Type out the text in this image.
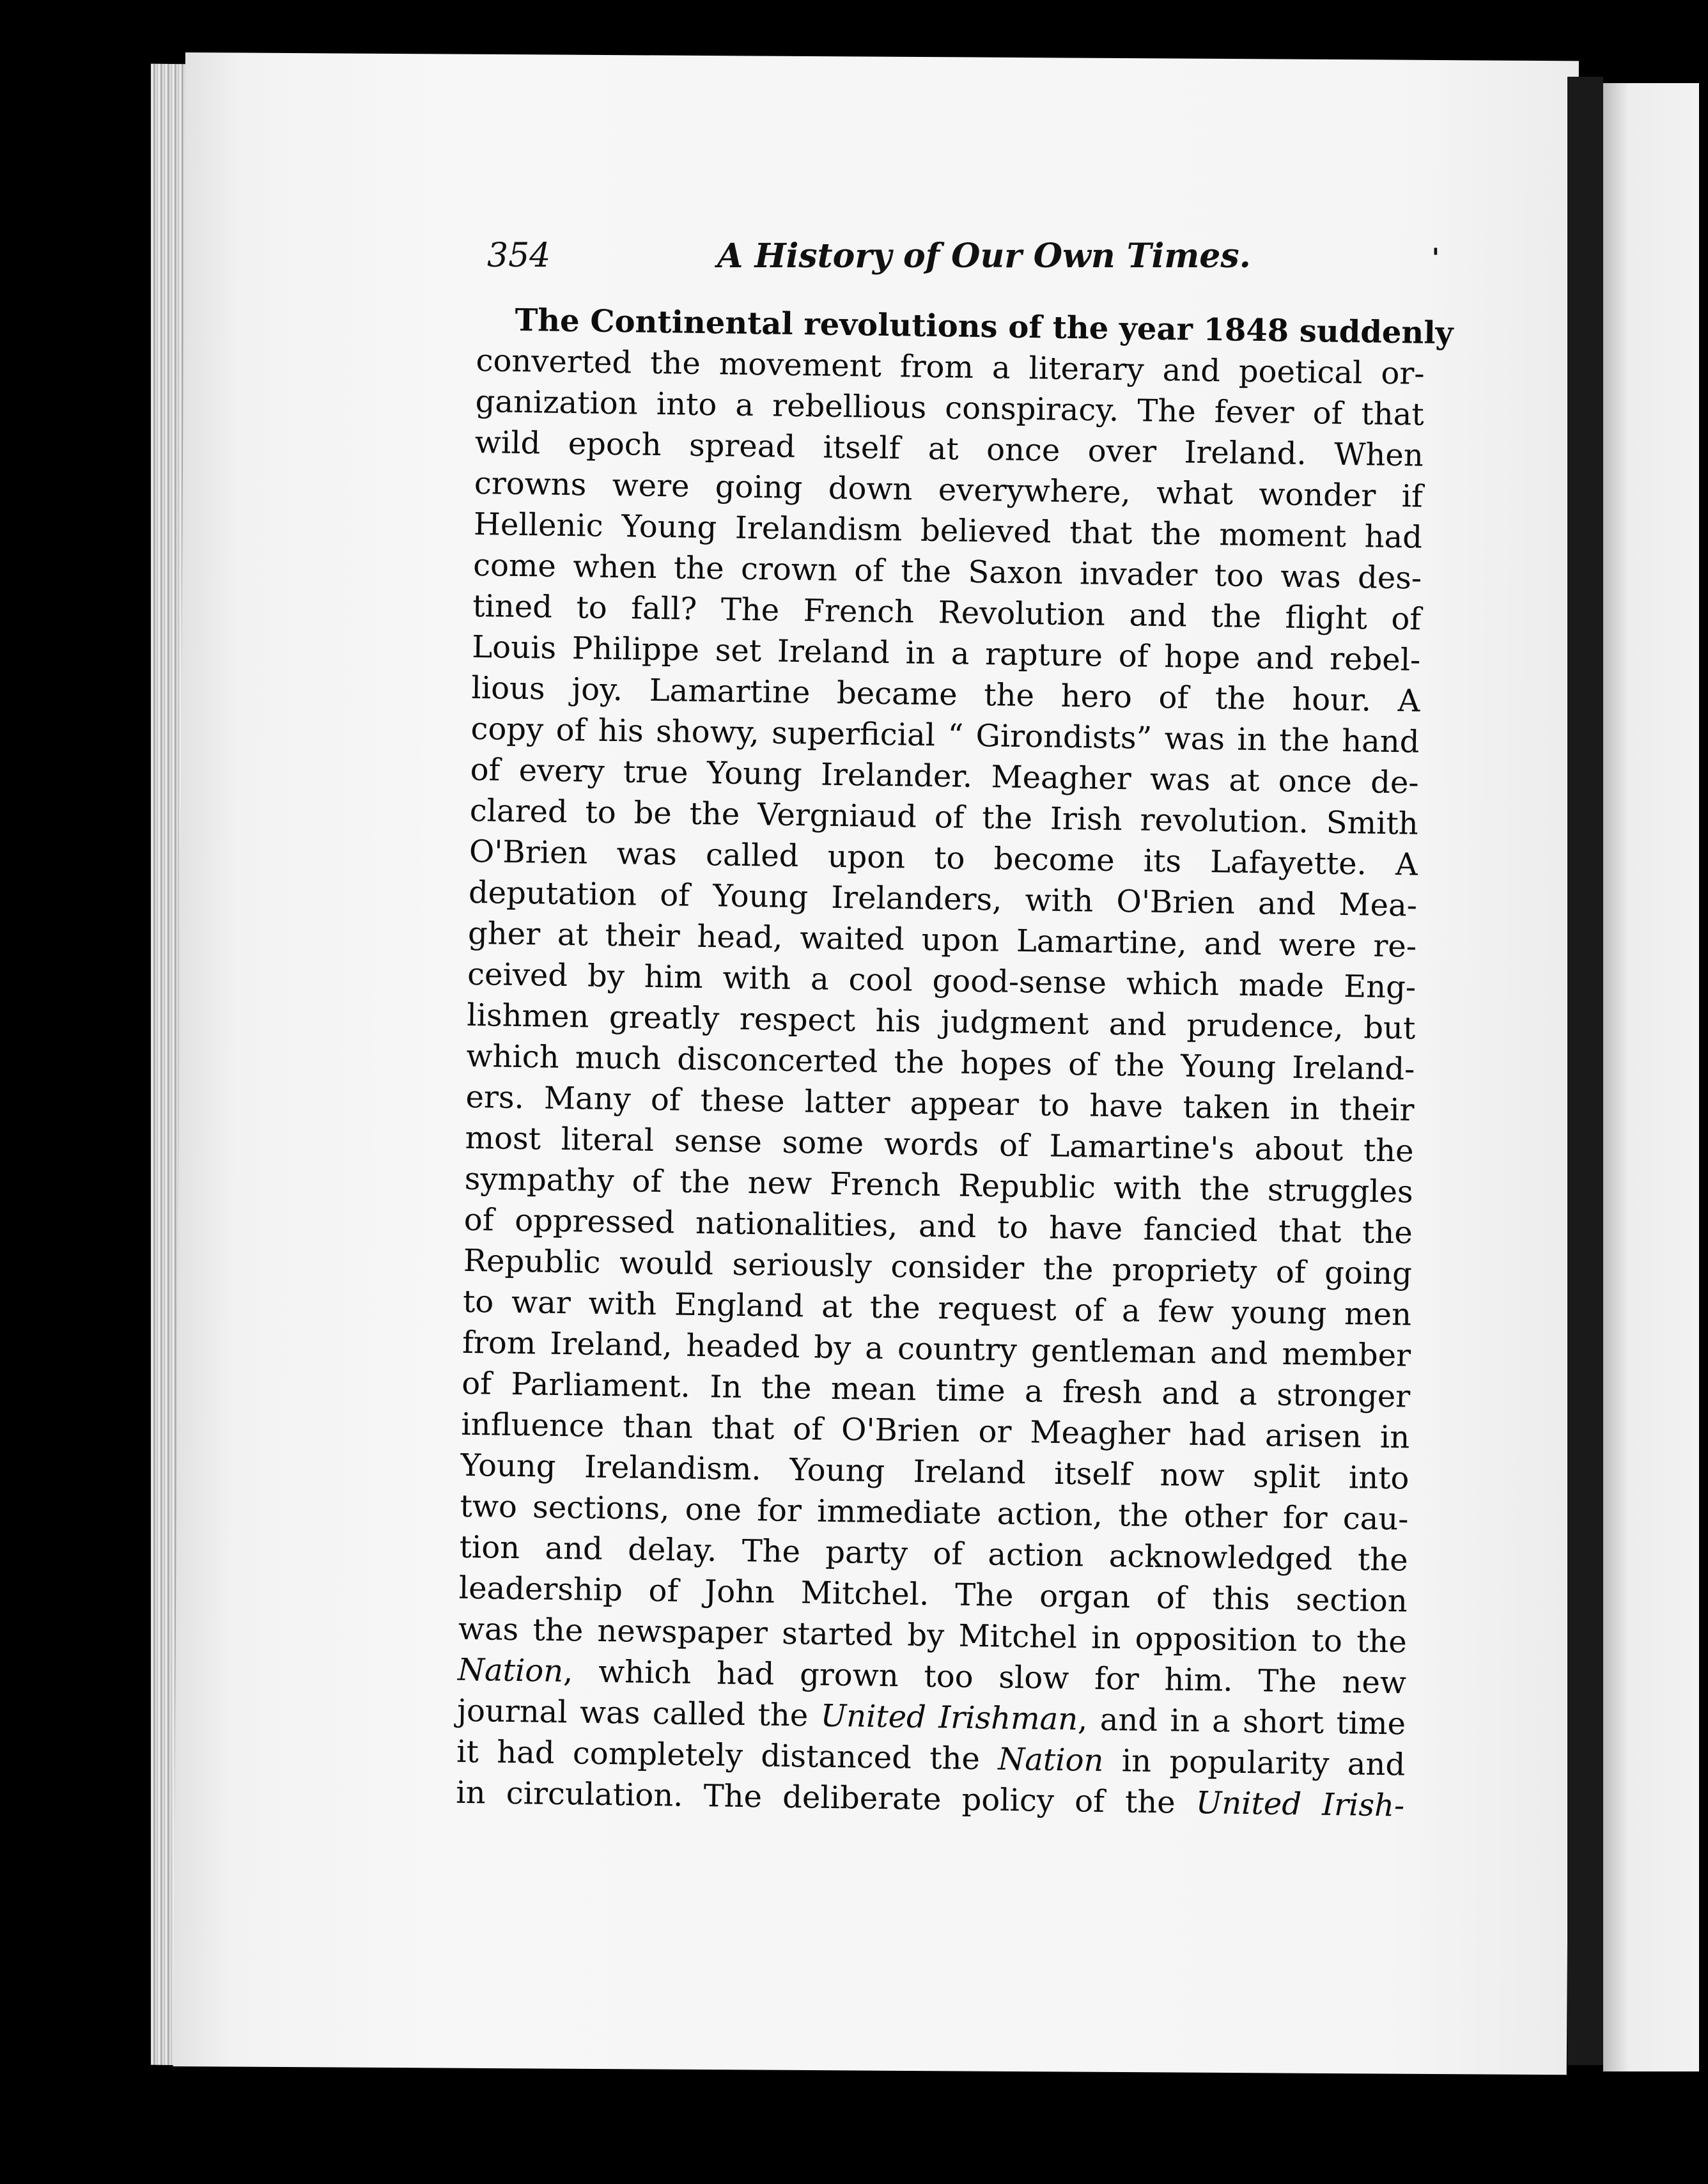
354	A History of Our Own Times.	'
The Continental revolutions of the year 1848 suddenly
converted the movement from a literary and poetical or-
ganization into a rebellious conspiracy. The fever of that
wild epoch spread itself at once over Ireland. When
crowns were going down everywhere, what wonder if
Hellenic Young Irelandism believed that the moment had
come when the crown of the Saxon invader too was des-
tined to fall? The French Revolution and the flight of
Louis Philippe set Ireland in a rapture of hope and rebel-
lious joy. Lamartine became the hero of the hour. A
copy of his showy, superficial “ Girondists” was in the hand
of every true Young Irelander. Meagher was at once de-
clared to be the Vergniaud of the Irish revolution. Smith
O'Brien was called upon to become its Lafayette. A
deputation of Young Irelanders, with O'Brien and Mea-
gher at their head, waited upon Lamartine, and were re-
ceived by him with a cool good-sense which made Eng-
lishmen greatly respect his judgment and prudence, but
which much disconcerted the hopes of the Young Ireland-
ers. Many of these latter appear to have taken in their
most literal sense some words of Lamartine's about the
sympathy of the new French Republic with the struggles
of oppressed nationalities, and to have fancied that the
Republic would seriously consider the propriety of going
to war with England at the request of a few young men
from Ireland, headed by a country gentleman and member
of Parliament. In the mean time a fresh and a stronger
influence than that of O'Brien or Meagher had arisen in
Young Irelandism. Young Ireland itself now split into
two sections, one for immediate action, the other for cau-
tion and delay. The party of action acknowledged the
leadership of John Mitchel. The organ of this section
was the newspaper started by Mitchel in opposition to the
Nation, which had grown too slow for him. The new
journal was called the United Irishman, and in a short time
it had completely distanced the Nation in popularity and
in circulation. The deliberate policy of the United Irish-
